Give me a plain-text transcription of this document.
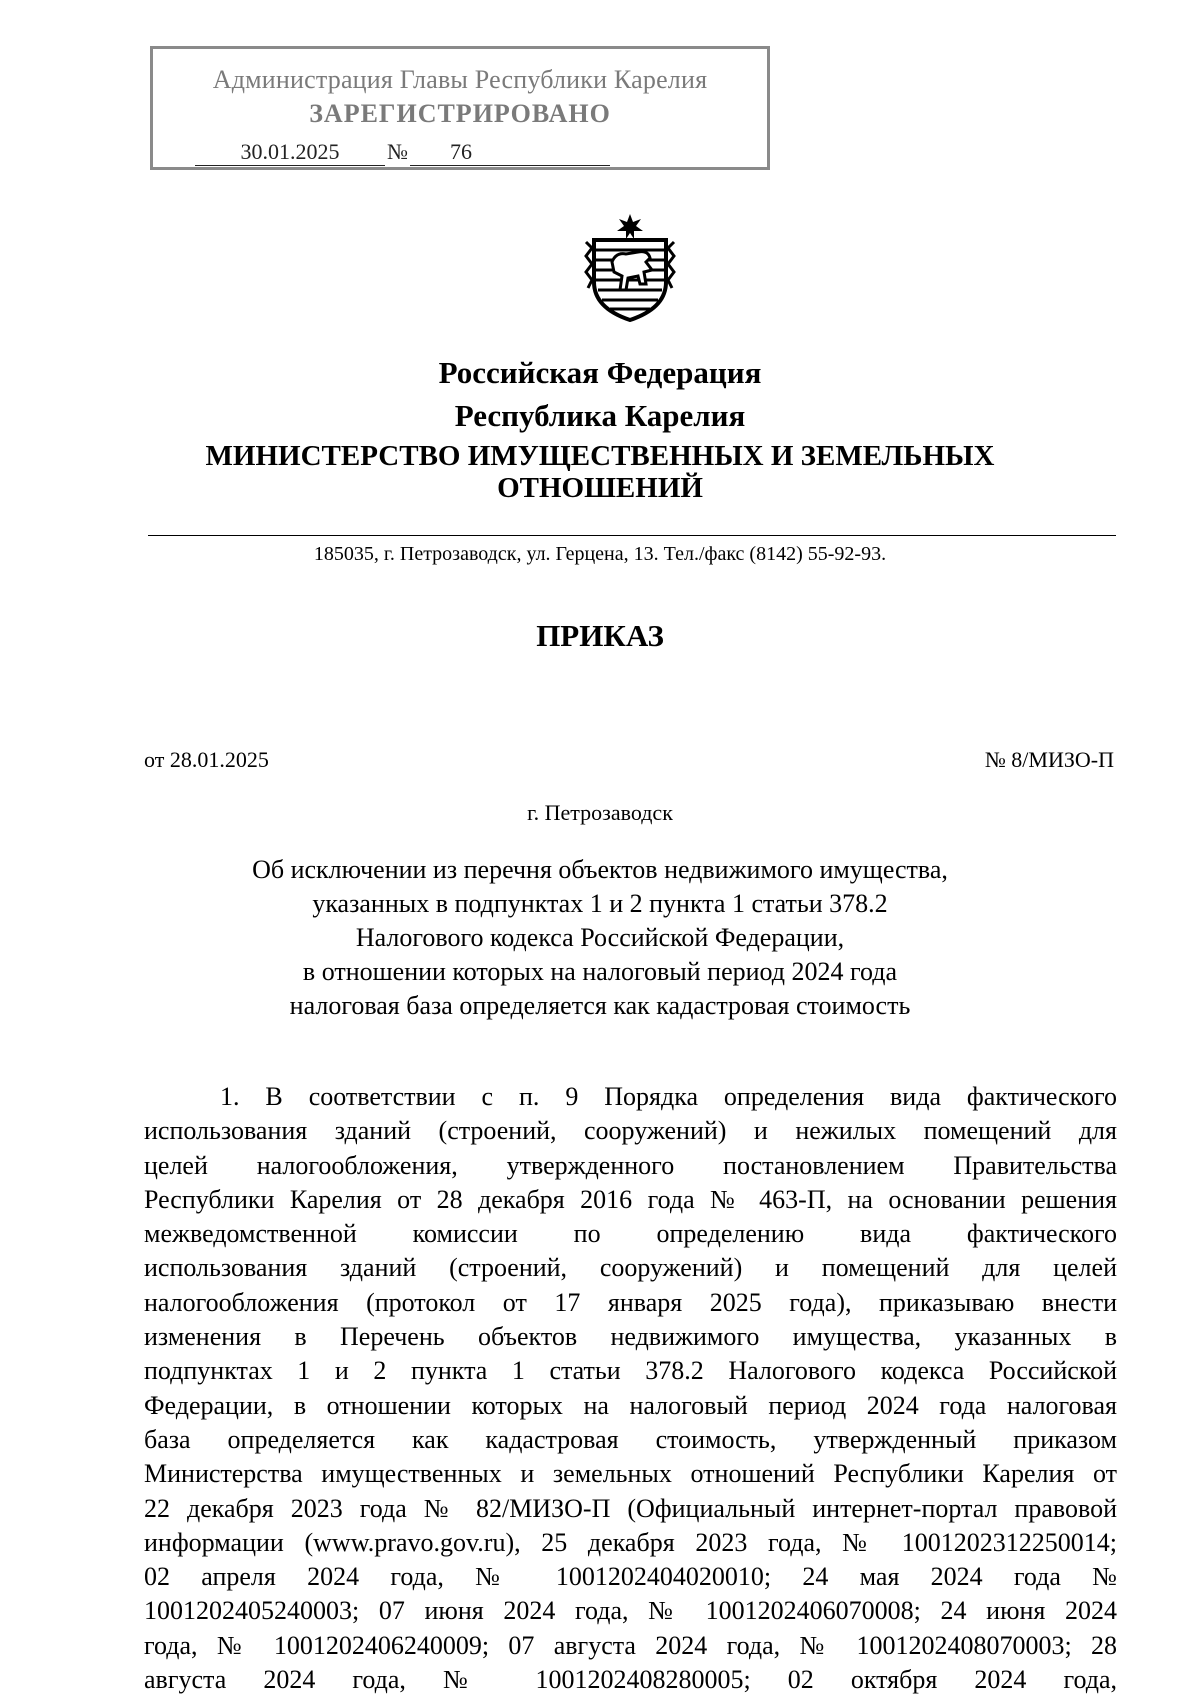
Администрация Главы Республики Карелия
ЗАРЕГИСТРИРОВАНО
30.01.2025 № 76
Российская Федерация
Республика Карелия
МИНИСТЕРСТВО ИМУЩЕСТВЕННЫХ И ЗЕМЕЛЬНЫХ
ОТНОШЕНИЙ
185035, г. Петрозаводск, ул. Герцена, 13. Тел./факс (8142) 55-92-93.
ПРИКАЗ
от 28.01.2025	№ 8/МИЗО-П
г. Петрозаводск
Об исключении из перечня объектов недвижимого имущества,
указанных в подпунктах 1 и 2 пункта 1 статьи 378.2
Налогового кодекса Российской Федерации,
в отношении которых на налоговый период 2024 года
налоговая база определяется как кадастровая стоимость
1. В соответствии с п. 9 Порядка определения вида фактического
использования зданий (строений, сооружений) и нежилых помещений для
целей налогообложения, утвержденного постановлением Правительства
Республики Карелия от 28 декабря 2016 года № 463-П, на основании решения
межведомственной комиссии по определению вида фактического
использования зданий (строений, сооружений) и помещений для целей
налогообложения (протокол от 17 января 2025 года), приказываю внести
изменения в Перечень объектов недвижимого имущества, указанных в
подпунктах 1 и 2 пункта 1 статьи 378.2 Налогового кодекса Российской
Федерации, в отношении которых на налоговый период 2024 года налоговая
база определяется как кадастровая стоимость, утвержденный приказом
Министерства имущественных и земельных отношений Республики Карелия от
22 декабря 2023 года № 82/МИЗО-П (Официальный интернет-портал правовой
информации (www.pravo.gov.ru), 25 декабря 2023 года, № 1001202312250014;
02 апреля 2024 года, № 1001202404020010; 24 мая 2024 года №
1001202405240003; 07 июня 2024 года, № 1001202406070008; 24 июня 2024
года, № 1001202406240009; 07 августа 2024 года, № 1001202408070003; 28
августа 2024 года, № 1001202408280005; 02 октября 2024 года,
